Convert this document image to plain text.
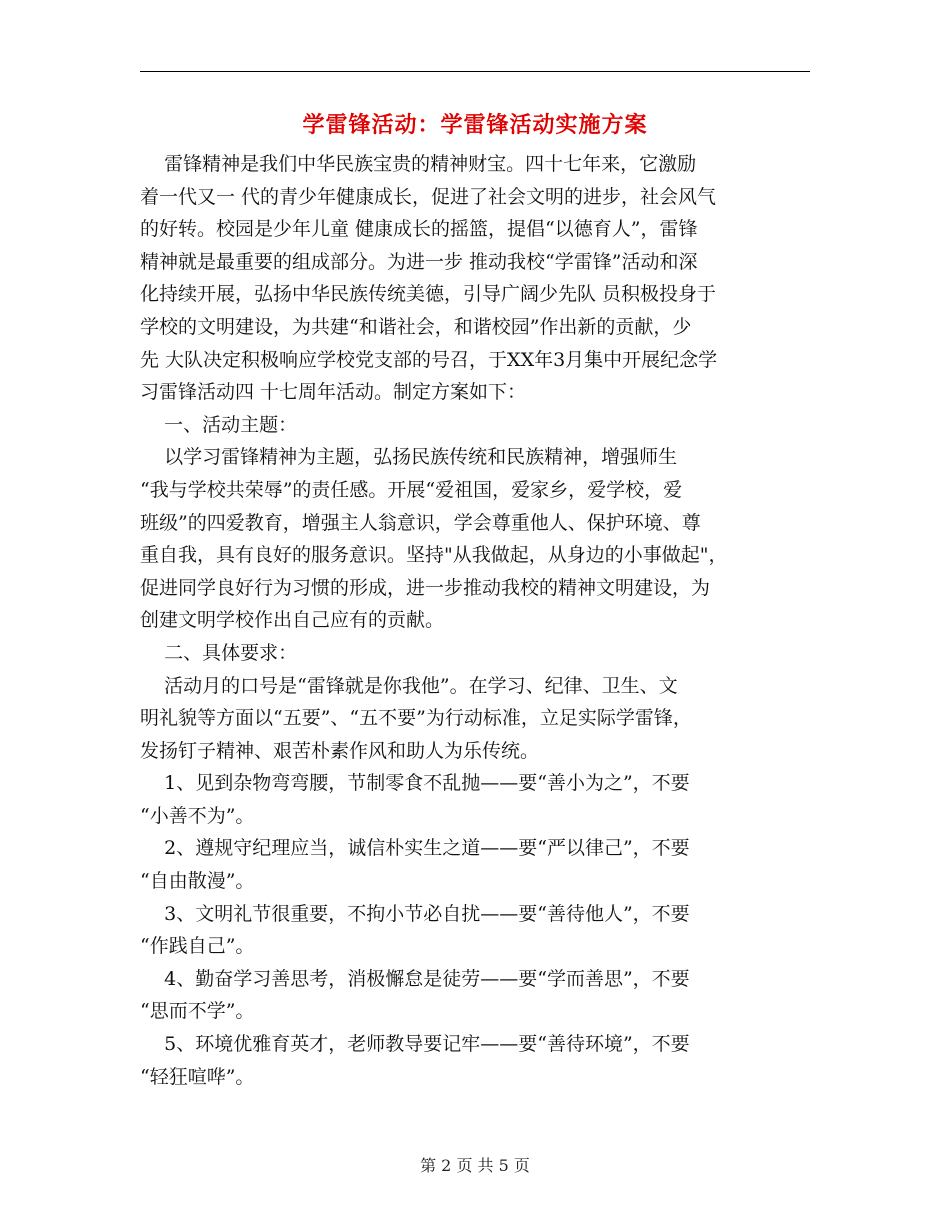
学雷锋活动：学雷锋活动实施方案
雷锋精神是我们中华民族宝贵的精神财宝。四十七年来，它激励
着一代又一 代的青少年健康成长，促进了社会文明的进步，社会风气
的好转。校园是少年儿童 健康成长的摇篮，提倡“以德育人”，雷锋
精神就是最重要的组成部分。为进一步 推动我校“学雷锋”活动和深
化持续开展，弘扬中华民族传统美德，引导广阔少先队 员积极投身于
学校的文明建设，为共建“和谐社会，和谐校园”作出新的贡献，少
先 大队决定积极响应学校党支部的号召，于XX年3月集中开展纪念学
习雷锋活动四 十七周年活动。制定方案如下：
一、活动主题：
以学习雷锋精神为主题，弘扬民族传统和民族精神，增强师生
“我与学校共荣辱”的责任感。开展“爱祖国，爱家乡，爱学校，爱
班级”的四爱教育，增强主人翁意识，学会尊重他人、保护环境、尊
重自我，具有良好的服务意识。坚持"从我做起，从身边的小事做起"，
促进同学良好行为习惯的形成，进一步推动我校的精神文明建设，为
创建文明学校作出自己应有的贡献。
二、具体要求：
活动月的口号是“雷锋就是你我他”。在学习、纪律、卫生、文
明礼貌等方面以“五要”、“五不要”为行动标准，立足实际学雷锋，
发扬钉子精神、艰苦朴素作风和助人为乐传统。
1、见到杂物弯弯腰，节制零食不乱抛——要“善小为之”，不要
“小善不为”。
2、遵规守纪理应当，诚信朴实生之道——要“严以律己”，不要
“自由散漫”。
3、文明礼节很重要，不拘小节必自扰——要“善待他人”，不要
“作践自己”。
4、勤奋学习善思考，消极懈怠是徒劳——要“学而善思”，不要
“思而不学”。
5、环境优雅育英才，老师教导要记牢——要“善待环境”，不要
“轻狂喧哗”。
第 2 页 共 5 页
